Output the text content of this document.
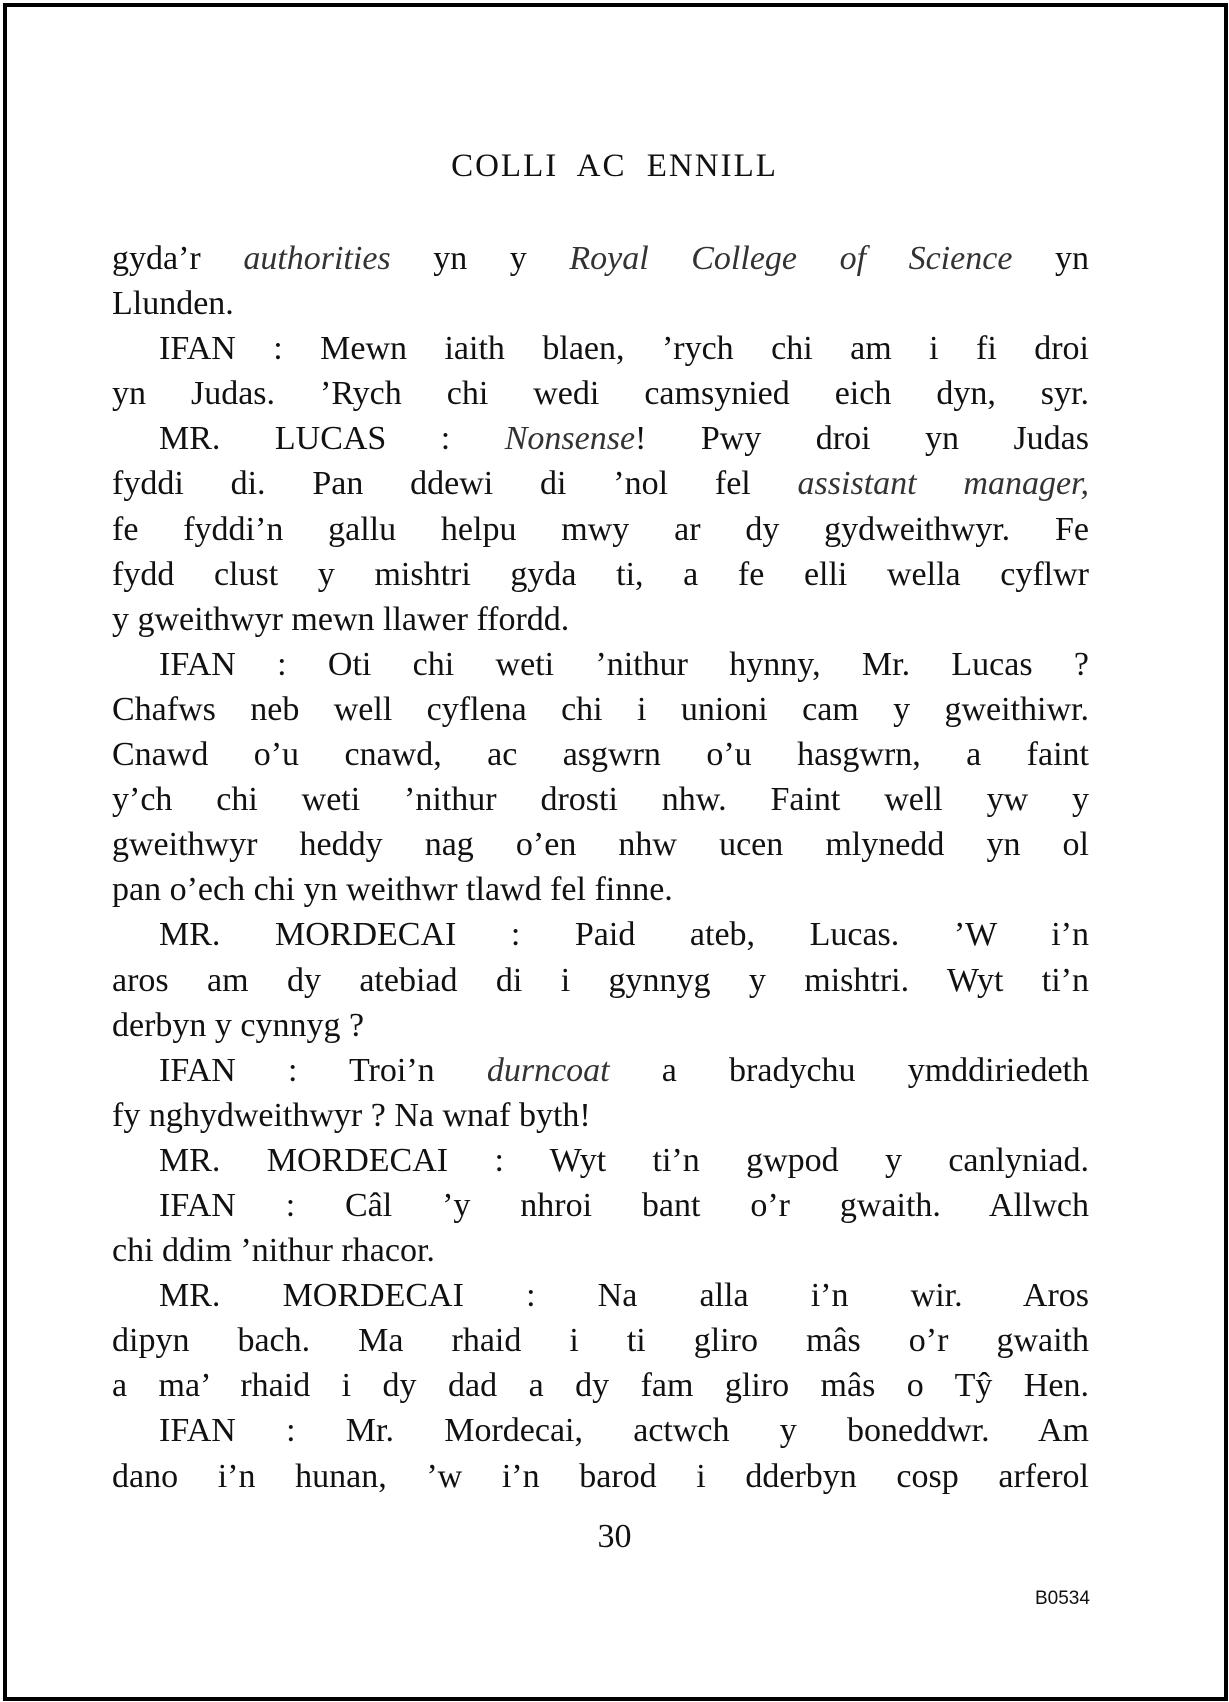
COLLI AC ENNILL
gyda’r authorities yn y Royal College of Science yn
Llunden.
IFAN : Mewn iaith blaen, ’rych chi am i fi droi
yn Judas. ’Rych chi wedi camsynied eich dyn, syr.
MR. LUCAS : Nonsense! Pwy droi yn Judas
fyddi di. Pan ddewi di ’nol fel assistant manager,
fe fyddi’n gallu helpu mwy ar dy gydweithwyr. Fe
fydd clust y mishtri gyda ti, a fe elli wella cyflwr
y gweithwyr mewn llawer ffordd.
IFAN : Oti chi weti ’nithur hynny, Mr. Lucas ?
Chafws neb well cyflena chi i unioni cam y gweithiwr.
Cnawd o’u cnawd, ac asgwrn o’u hasgwrn, a faint
y’ch chi weti ’nithur drosti nhw. Faint well yw y
gweithwyr heddy nag o’en nhw ucen mlynedd yn ol
pan o’ech chi yn weithwr tlawd fel finne.
MR. MORDECAI : Paid ateb, Lucas. ’W i’n
aros am dy atebiad di i gynnyg y mishtri. Wyt ti’n
derbyn y cynnyg ?
IFAN : Troi’n durncoat a bradychu ymddiriedeth
fy nghydweithwyr ? Na wnaf byth!
MR. MORDECAI : Wyt ti’n gwpod y canlyniad.
IFAN : Câl ’y nhroi bant o’r gwaith. Allwch
chi ddim ’nithur rhacor.
MR. MORDECAI : Na alla i’n wir. Aros
dipyn bach. Ma rhaid i ti gliro mâs o’r gwaith
a ma’ rhaid i dy dad a dy fam gliro mâs o Tŷ Hen.
IFAN : Mr. Mordecai, actwch y boneddwr. Am
dano i’n hunan, ’w i’n barod i dderbyn cosp arferol
30
B0534
